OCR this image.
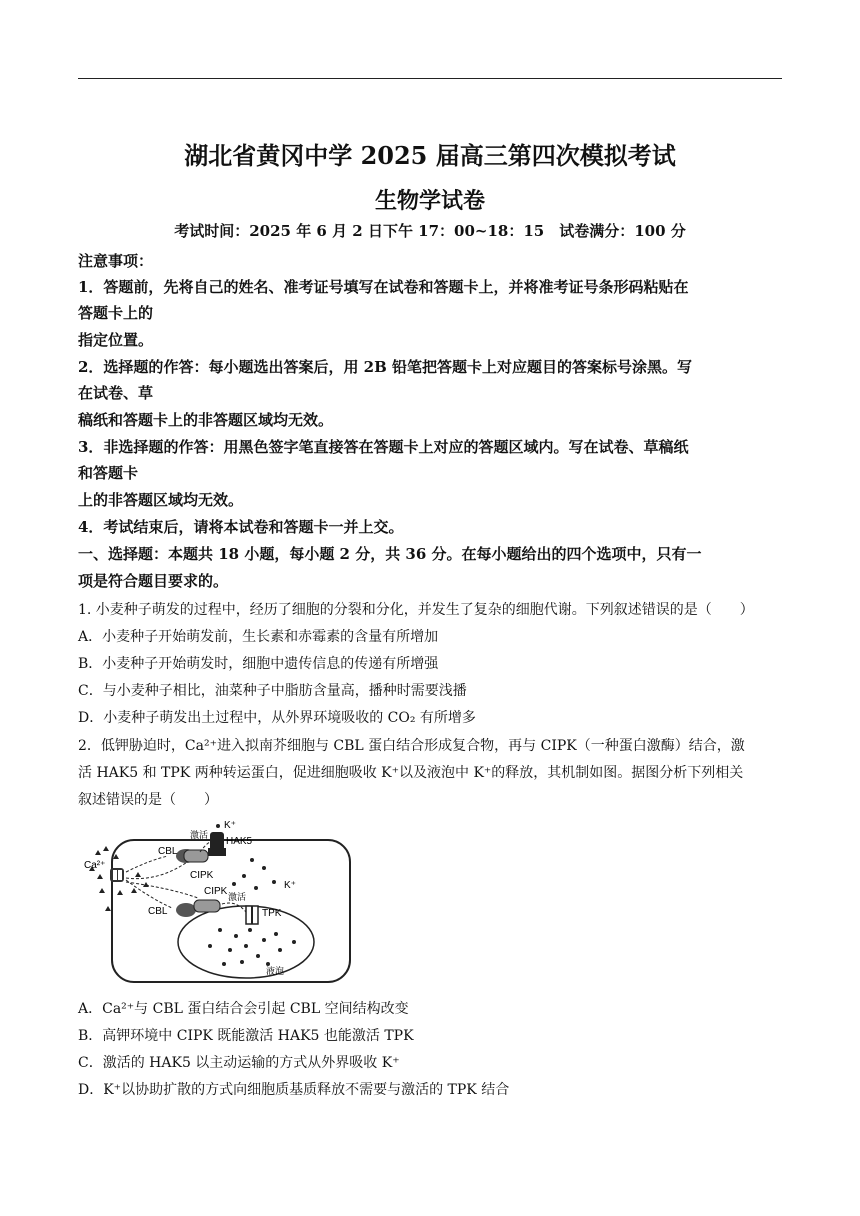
湖北省黄冈中学 2025 届高三第四次模拟考试
生物学试卷
考试时间：2025 年 6 月 2 日下午 17：00~18：15　试卷满分：100 分
注意事项：
1．答题前，先将自己的姓名、准考证号填写在试卷和答题卡上，并将准考证号条形码粘贴在
答题卡上的
指定位置。
2．选择题的作答：每小题选出答案后，用 2B 铅笔把答题卡上对应题目的答案标号涂黑。写
在试卷、草
稿纸和答题卡上的非答题区域均无效。
3．非选择题的作答：用黑色签字笔直接答在答题卡上对应的答题区域内。写在试卷、草稿纸
和答题卡
上的非答题区域均无效。
4．考试结束后，请将本试卷和答题卡一并上交。
一、选择题：本题共 18 小题，每小题 2 分，共 36 分。在每小题给出的四个选项中，只有一
项是符合题目要求的。
1. 小麦种子萌发的过程中，经历了细胞的分裂和分化，并发生了复杂的细胞代谢。下列叙述错误的是（　　）
A．小麦种子开始萌发前，生长素和赤霉素的含量有所增加
B．小麦种子开始萌发时，细胞中遗传信息的传递有所增强
C．与小麦种子相比，油菜种子中脂肪含量高，播种时需要浅播
D．小麦种子萌发出土过程中，从外界环境吸收的 CO₂ 有所增多
2．低钾胁迫时，Ca²⁺进入拟南芥细胞与 CBL 蛋白结合形成复合物，再与 CIPK（一种蛋白激酶）结合，激
活 HAK5 和 TPK 两种转运蛋白，促进细胞吸收 K⁺以及液泡中 K⁺的释放，其机制如图。据图分析下列相关
叙述错误的是（　　）
Ca²⁺
K⁺
HAK5
激活
CBL
CIPK
CIPK
K⁺
激活
CBL	TPK
液泡
A．Ca²⁺与 CBL 蛋白结合会引起 CBL 空间结构改变
B．高钾环境中 CIPK 既能激活 HAK5 也能激活 TPK
C．激活的 HAK5 以主动运输的方式从外界吸收 K⁺
D．K⁺以协助扩散的方式向细胞质基质释放不需要与激活的 TPK 结合
